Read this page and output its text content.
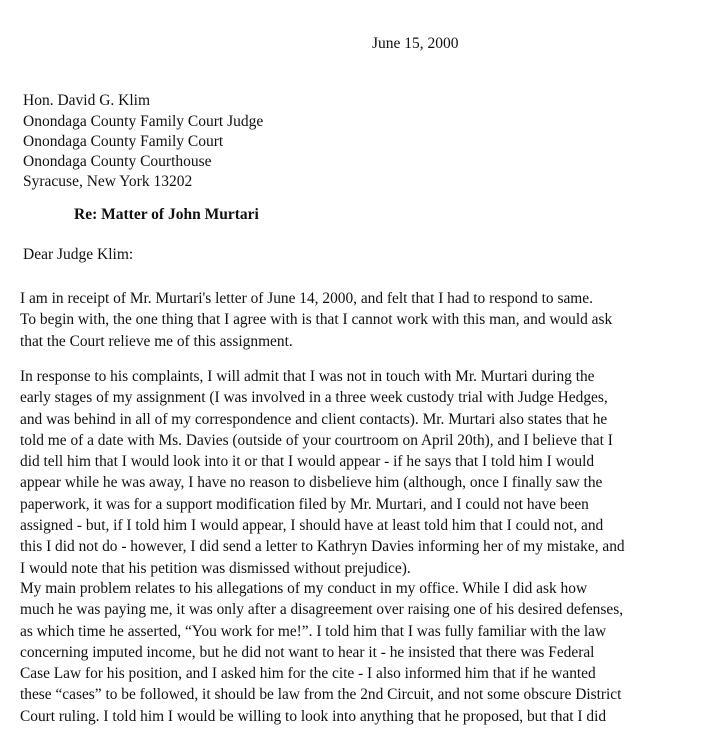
June 15, 2000
Hon. David G. Klim
Onondaga County Family Court Judge
Onondaga County Family Court
Onondaga County Courthouse
Syracuse, New York 13202
Re: Matter of John Murtari
Dear Judge Klim:
I am in receipt of Mr. Murtari's letter of June 14, 2000, and felt that I had to respond to same.
To begin with, the one thing that I agree with is that I cannot work with this man, and would ask
that the Court relieve me of this assignment.
In response to his complaints, I will admit that I was not in touch with Mr. Murtari during the
early stages of my assignment (I was involved in a three week custody trial with Judge Hedges,
and was behind in all of my correspondence and client contacts). Mr. Murtari also states that he
told me of a date with Ms. Davies (outside of your courtroom on April 20th), and I believe that I
did tell him that I would look into it or that I would appear - if he says that I told him I would
appear while he was away, I have no reason to disbelieve him (although, once I finally saw the
paperwork, it was for a support modification filed by Mr. Murtari, and I could not have been
assigned - but, if I told him I would appear, I should have at least told him that I could not, and
this I did not do - however, I did send a letter to Kathryn Davies informing her of my mistake, and
I would note that his petition was dismissed without prejudice).
My main problem relates to his allegations of my conduct in my office. While I did ask how
much he was paying me, it was only after a disagreement over raising one of his desired defenses,
as which time he asserted, “You work for me!”. I told him that I was fully familiar with the law
concerning imputed income, but he did not want to hear it - he insisted that there was Federal
Case Law for his position, and I asked him for the cite - I also informed him that if he wanted
these “cases” to be followed, it should be law from the 2nd Circuit, and not some obscure District
Court ruling. I told him I would be willing to look into anything that he proposed, but that I did
